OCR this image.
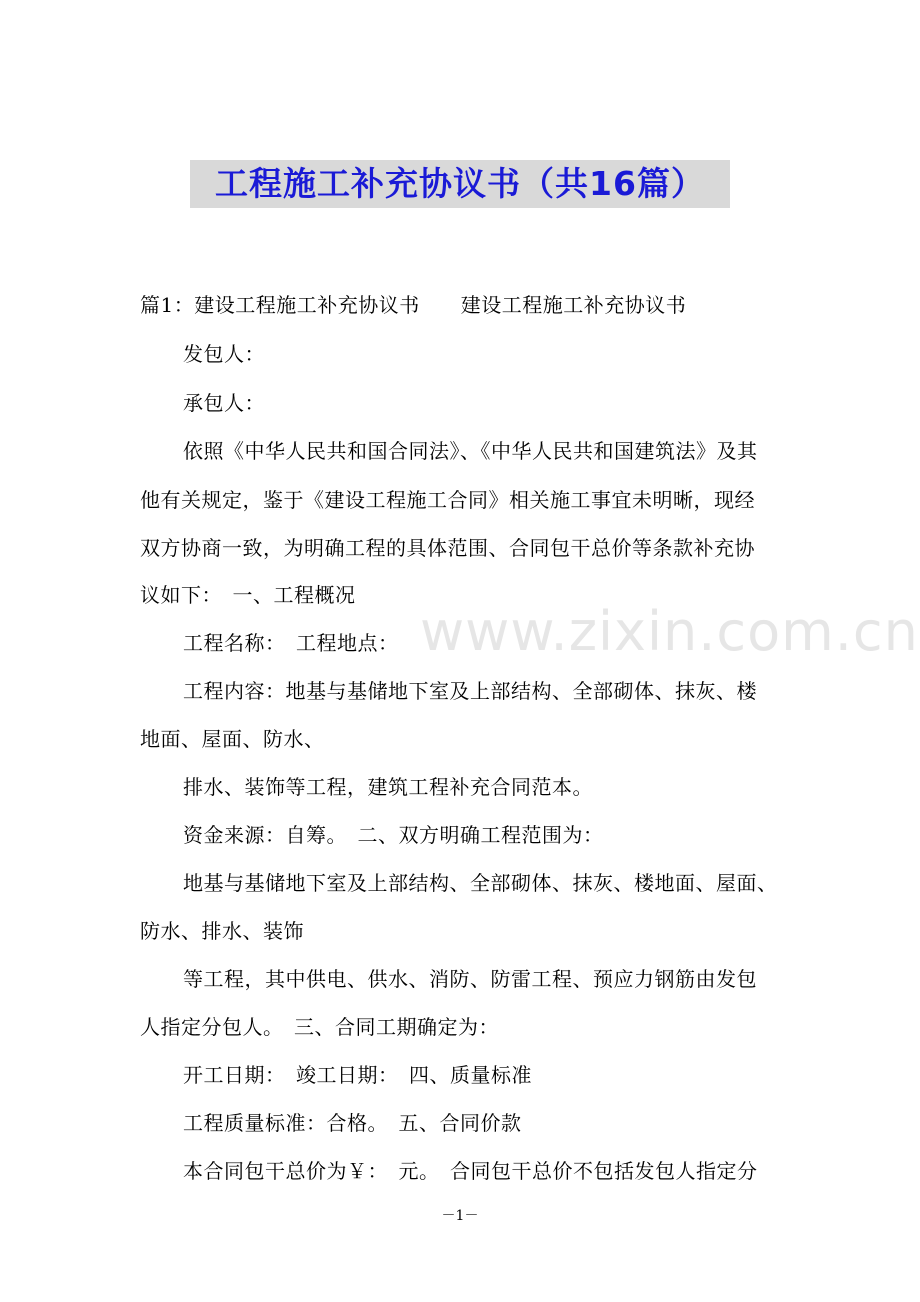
工程施工补充协议书（共16篇）
www.zixin.com.cn
篇1：建设工程施工补充协议书　　建设工程施工补充协议书
发包人：
承包人：
依照《中华人民共和国合同法》、《中华人民共和国建筑法》及其
他有关规定，鉴于《建设工程施工合同》相关施工事宜未明晰，现经
双方协商一致，为明确工程的具体范围、合同包干总价等条款补充协
议如下：　一、工程概况
工程名称：　工程地点：
工程内容：地基与基储地下室及上部结构、全部砌体、抹灰、楼
地面、屋面、防水、
排水、装饰等工程，建筑工程补充合同范本。
资金来源：自筹。　二、双方明确工程范围为：
地基与基储地下室及上部结构、全部砌体、抹灰、楼地面、屋面、
防水、排水、装饰
等工程，其中供电、供水、消防、防雷工程、预应力钢筋由发包
人指定分包人。　三、合同工期确定为：
开工日期：　竣工日期：　四、质量标准
工程质量标准：合格。　五、合同价款
本合同包干总价为￥：　元。　合同包干总价不包括发包人指定分
－1－
